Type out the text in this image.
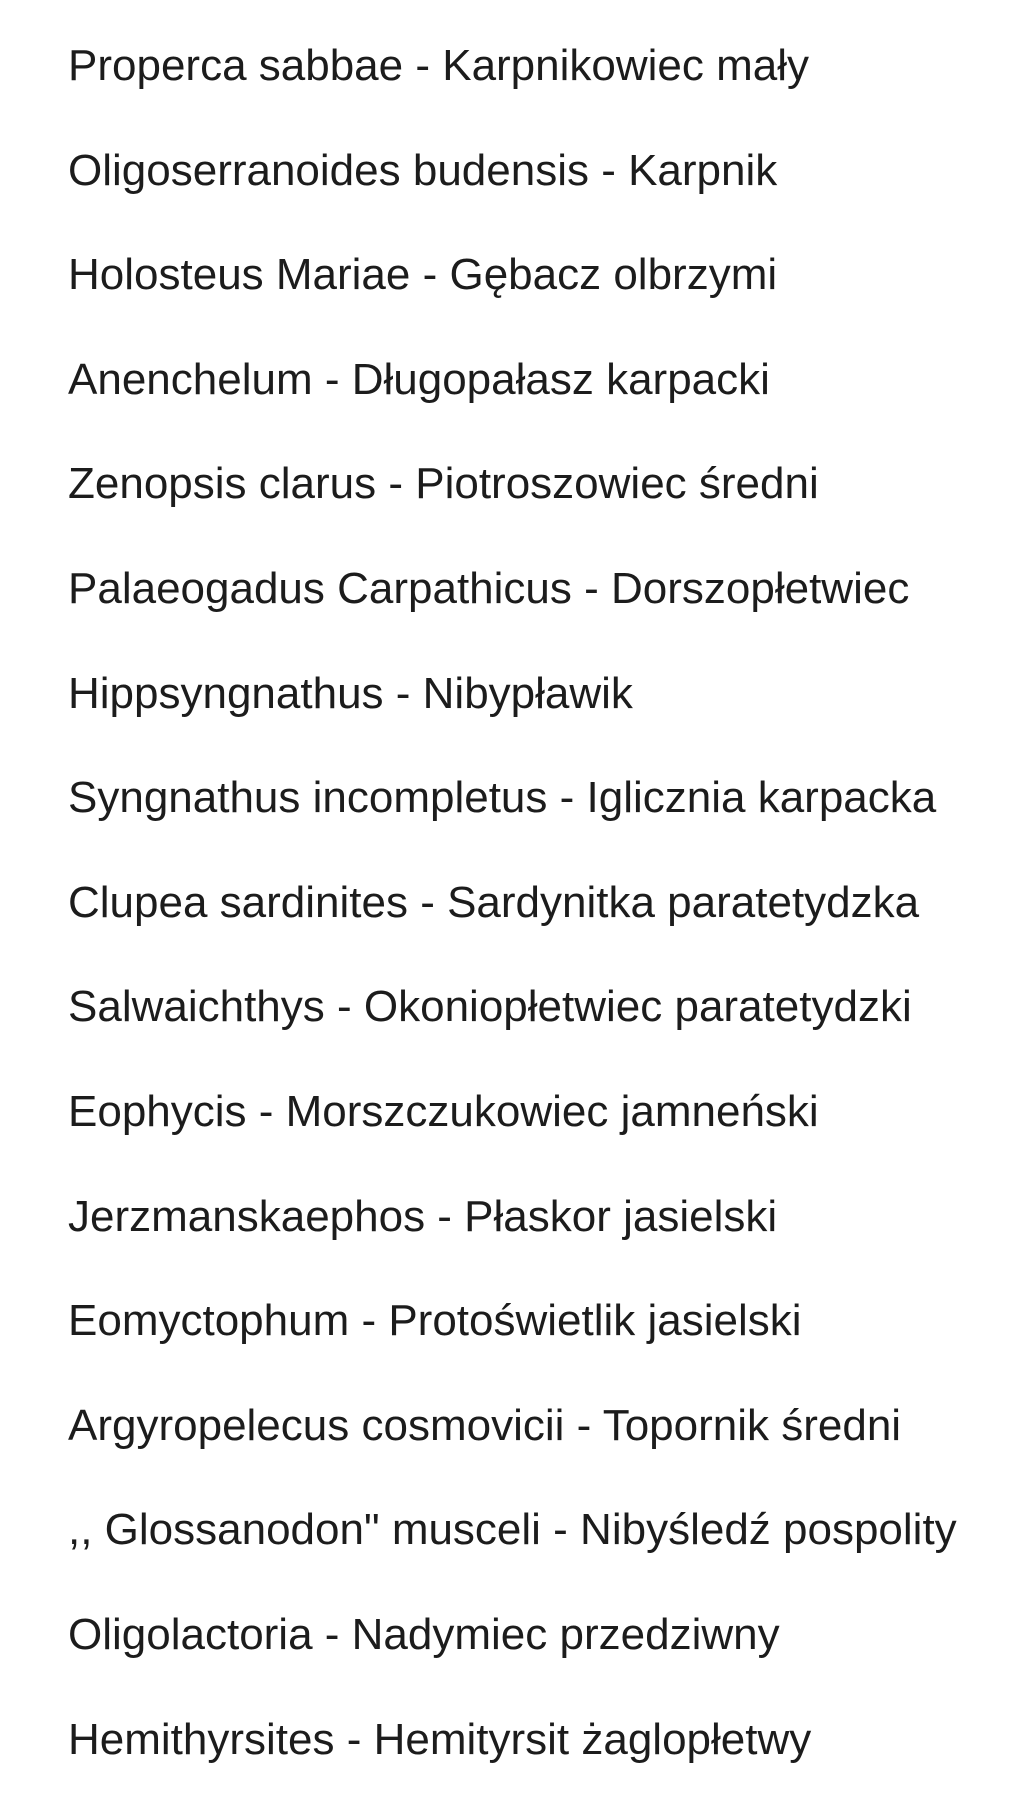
Properca sabbae - Karpnikowiec mały
Oligoserranoides budensis - Karpnik
Holosteus Mariae - Gębacz olbrzymi
Anenchelum - Długopałasz karpacki
Zenopsis clarus - Piotroszowiec średni
Palaeogadus Carpathicus - Dorszopłetwiec
Hippsyngnathus - Nibypławik
Syngnathus incompletus - Iglicznia karpacka
Clupea sardinites - Sardynitka paratetydzka
Salwaichthys - Okoniopłetwiec paratetydzki
Eophycis - Morszczukowiec jamneński
Jerzmanskaephos - Płaskor jasielski
Eomyctophum - Protoświetlik jasielski
Argyropelecus cosmovicii - Topornik średni
,, Glossanodon" musceli - Nibyśledź pospolity
Oligolactoria - Nadymiec przedziwny
Hemithyrsites - Hemityrsit żaglopłetwy
